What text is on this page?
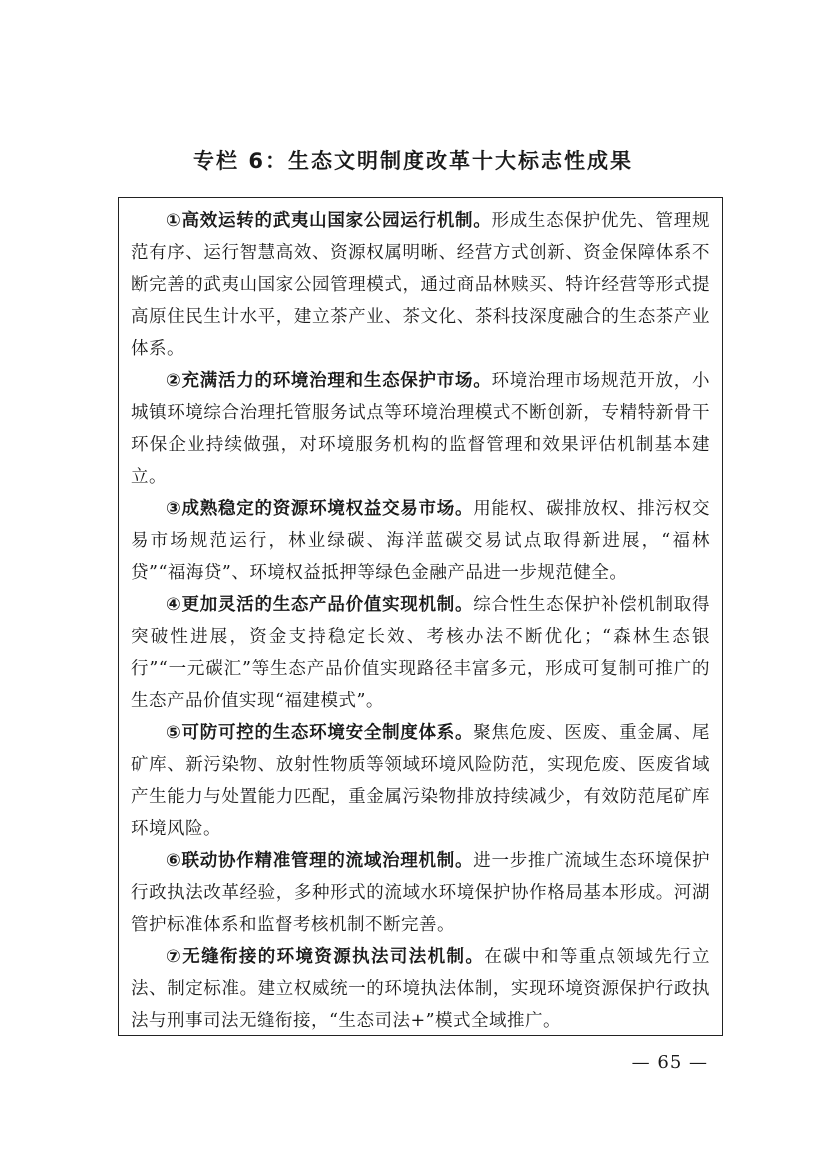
专栏 6：生态文明制度改革十大标志性成果

①高效运转的武夷山国家公园运行机制。形成生态保护优先、管理规范有序、运行智慧高效、资源权属明晰、经营方式创新、资金保障体系不断完善的武夷山国家公园管理模式，通过商品林赎买、特许经营等形式提高原住民生计水平，建立茶产业、茶文化、茶科技深度融合的生态茶产业体系。

②充满活力的环境治理和生态保护市场。环境治理市场规范开放，小城镇环境综合治理托管服务试点等环境治理模式不断创新，专精特新骨干环保企业持续做强，对环境服务机构的监督管理和效果评估机制基本建立。

③成熟稳定的资源环境权益交易市场。用能权、碳排放权、排污权交易市场规范运行，林业绿碳、海洋蓝碳交易试点取得新进展，“福林贷”“福海贷”、环境权益抵押等绿色金融产品进一步规范健全。

④更加灵活的生态产品价值实现机制。综合性生态保护补偿机制取得突破性进展，资金支持稳定长效、考核办法不断优化；“森林生态银行”“一元碳汇”等生态产品价值实现路径丰富多元，形成可复制可推广的生态产品价值实现“福建模式”。

⑤可防可控的生态环境安全制度体系。聚焦危废、医废、重金属、尾矿库、新污染物、放射性物质等领域环境风险防范，实现危废、医废省域产生能力与处置能力匹配，重金属污染物排放持续减少，有效防范尾矿库环境风险。

⑥联动协作精准管理的流域治理机制。进一步推广流域生态环境保护行政执法改革经验，多种形式的流域水环境保护协作格局基本形成。河湖管护标准体系和监督考核机制不断完善。

⑦无缝衔接的环境资源执法司法机制。在碳中和等重点领域先行立法、制定标准。建立权威统一的环境执法体制，实现环境资源保护行政执法与刑事司法无缝衔接，“生态司法+”模式全域推广。

— 65 —
